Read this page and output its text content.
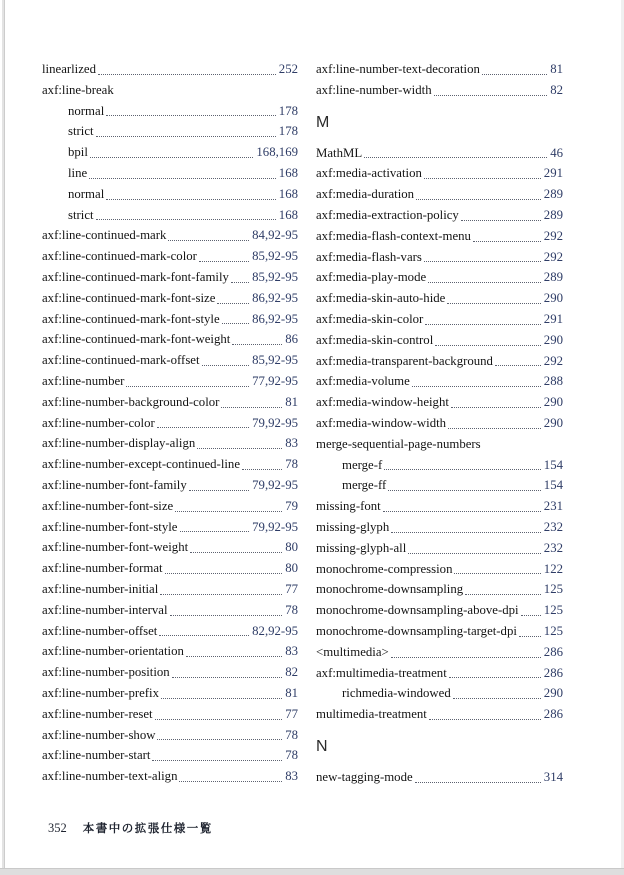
linearlized	252
axf:line-break
normal	178
strict	178
bpil	168,169
line	168
normal	168
strict	168
axf:line-continued-mark	84,92-95
axf:line-continued-mark-color	85,92-95
axf:line-continued-mark-font-family 85,92-95
axf:line-continued-mark-font-size	86,92-95
axf:line-continued-mark-font-style	86,92-95
axf:line-continued-mark-font-weight	86
axf:line-continued-mark-offset	85,92-95
axf:line-number	77,92-95
axf:line-number-background-color	81
axf:line-number-color	79,92-95
axf:line-number-display-align	83
axf:line-number-except-continued-line	78
axf:line-number-font-family	79,92-95
axf:line-number-font-size	79
axf:line-number-font-style	79,92-95
axf:line-number-font-weight	80
axf:line-number-format	80
axf:line-number-initial	77
axf:line-number-interval	78
axf:line-number-offset	82,92-95
axf:line-number-orientation	83
axf:line-number-position	82
axf:line-number-prefix	81
axf:line-number-reset	77
axf:line-number-show	78
axf:line-number-start	78
axf:line-number-text-align	83
axf:line-number-text-decoration	81
axf:line-number-width	82
M
MathML	46
axf:media-activation	291
axf:media-duration	289
axf:media-extraction-policy	289
axf:media-flash-context-menu	292
axf:media-flash-vars	292
axf:media-play-mode	289
axf:media-skin-auto-hide	290
axf:media-skin-color	291
axf:media-skin-control	290
axf:media-transparent-background	292
axf:media-volume	288
axf:media-window-height	290
axf:media-window-width	290
merge-sequential-page-numbers
merge-f	154
merge-ff	154
missing-font	231
missing-glyph	232
missing-glyph-all	232
monochrome-compression	122
monochrome-downsampling	125
monochrome-downsampling-above-dpi 125
monochrome-downsampling-target-dpi 125
<multimedia>	286
axf:multimedia-treatment	286
richmedia-windowed	290
multimedia-treatment	286
N
new-tagging-mode	314
352 本書中の拡張仕様一覧
